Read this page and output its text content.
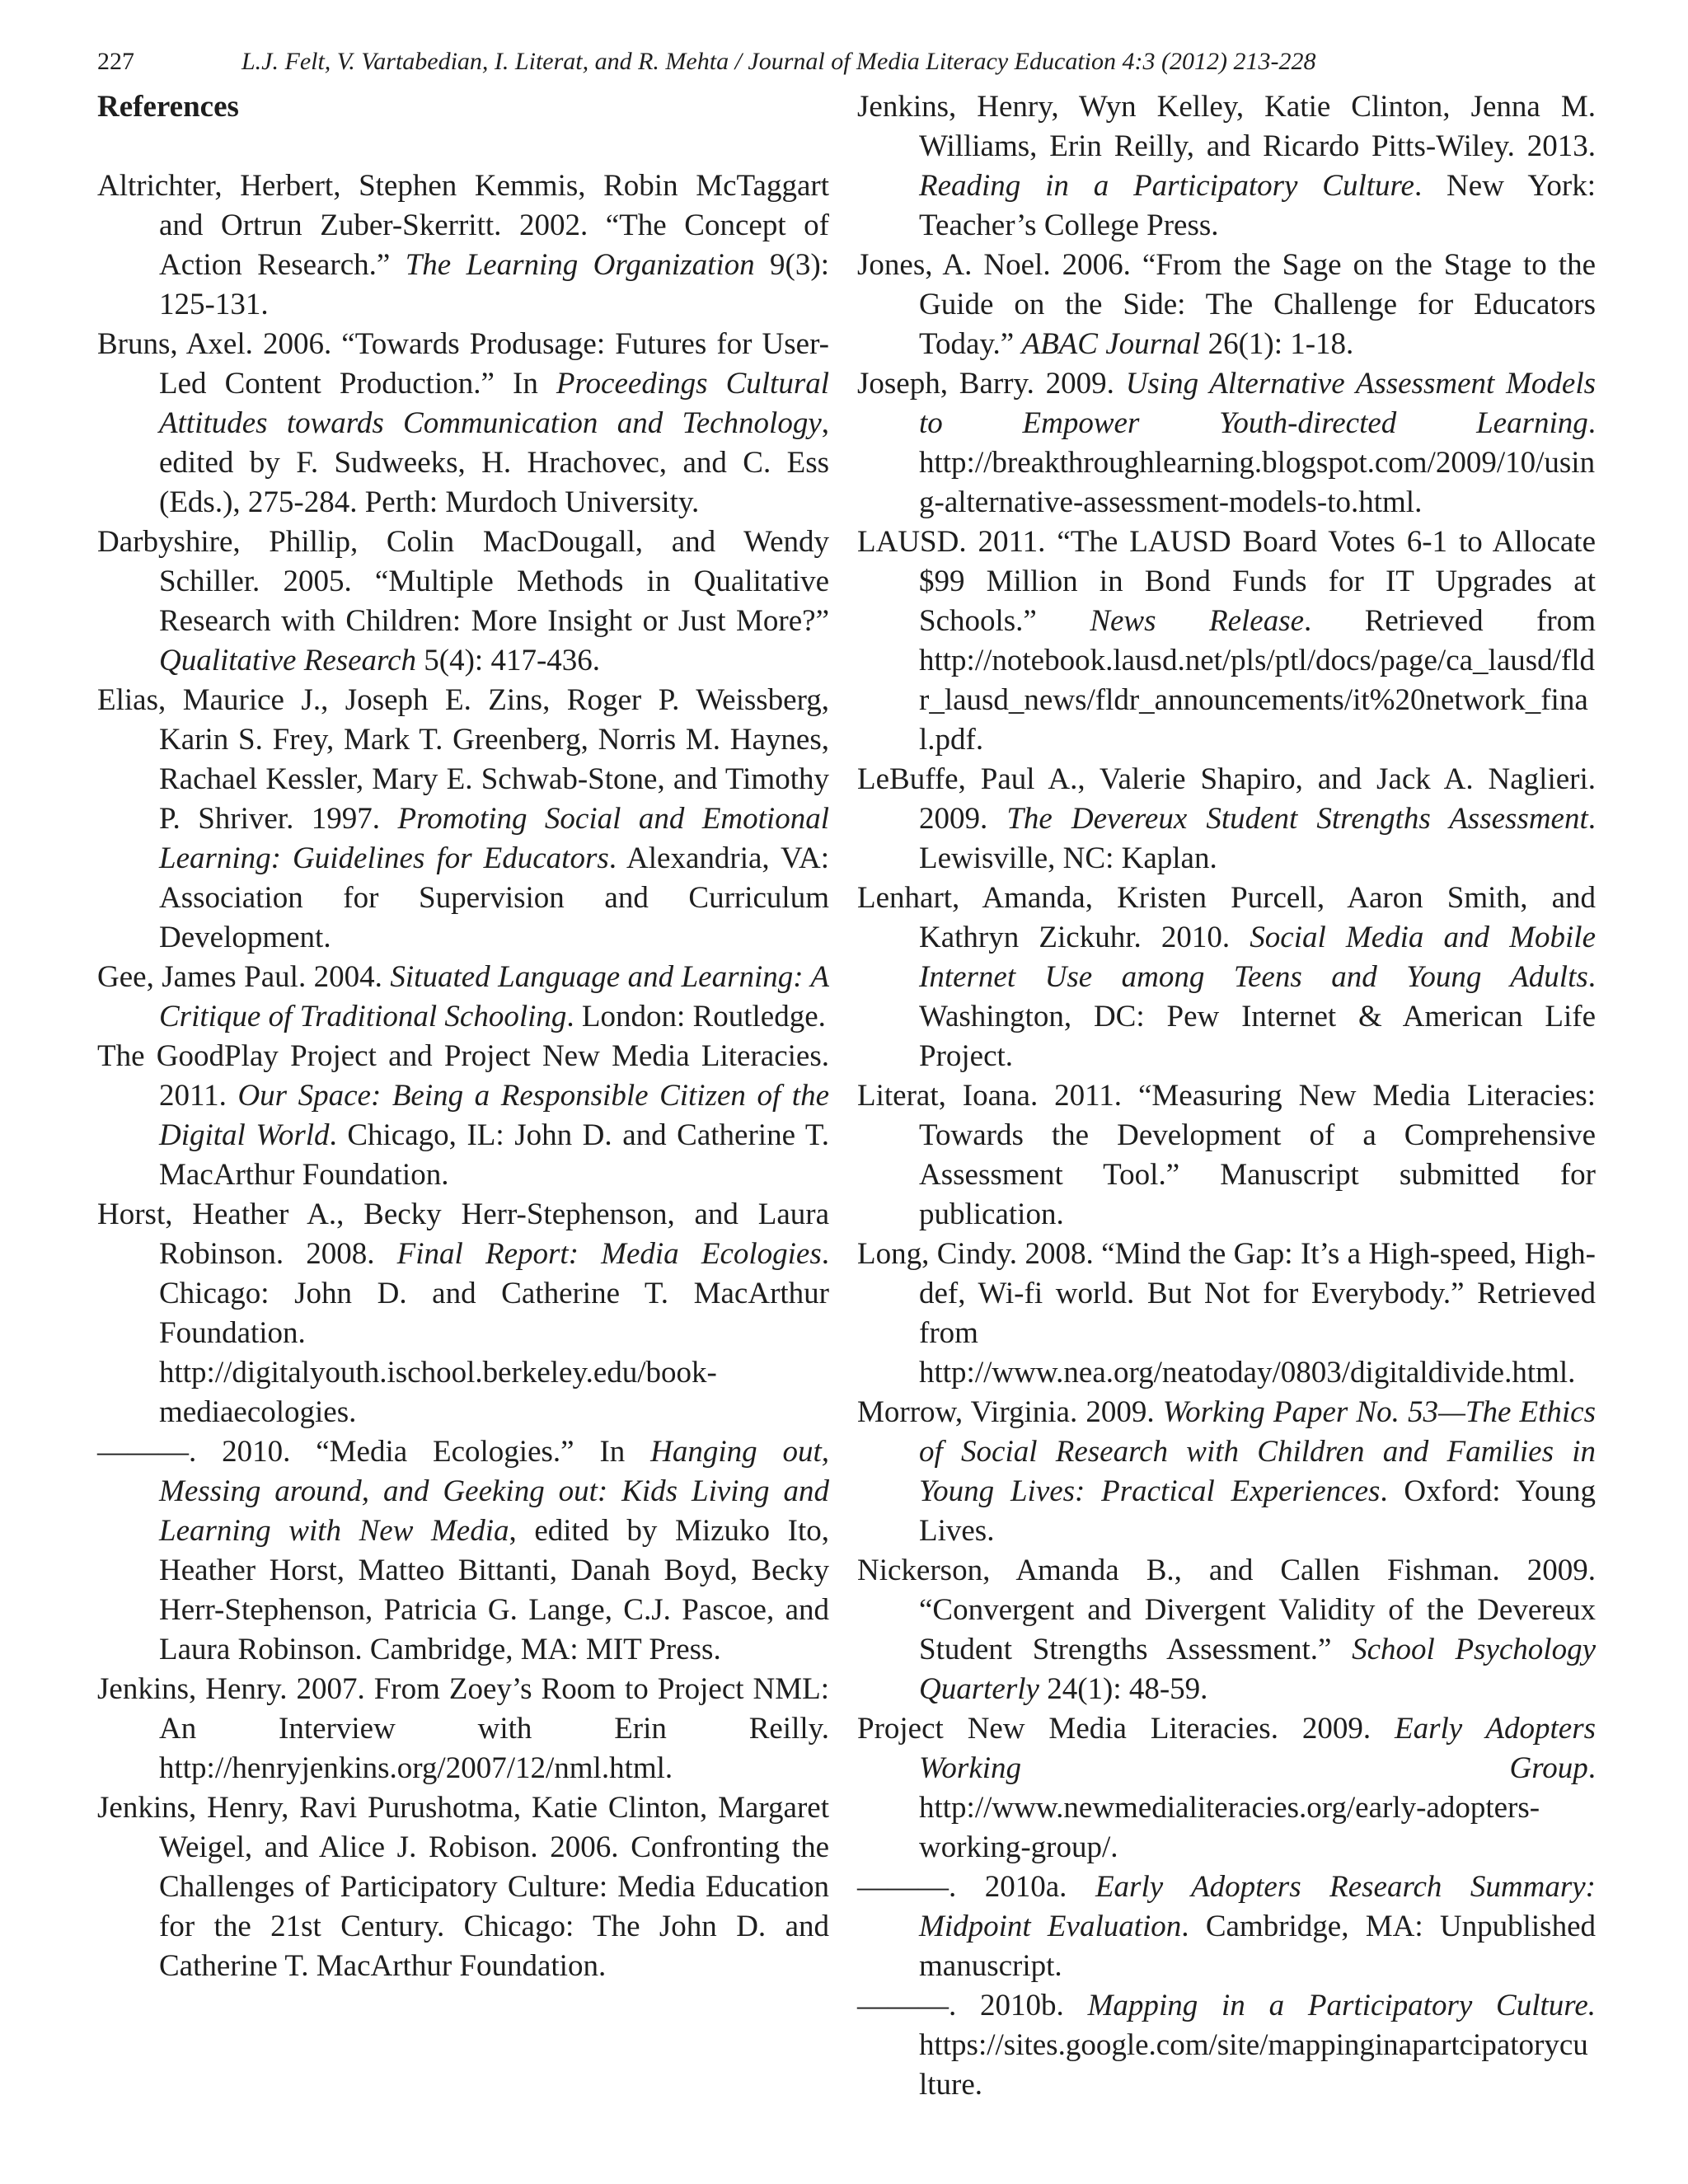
227	L.J. Felt, V. Vartabedian, I. Literat, and R. Mehta / Journal of Media Literacy Education 4:3 (2012) 213-228
References

Altrichter, Herbert, Stephen Kemmis, Robin McTaggart and Ortrun Zuber-Skerritt. 2002. “The Concept of Action Research.” The Learning Organization 9(3): 125-131.

Bruns, Axel. 2006. “Towards Produsage: Futures for User-Led Content Production.” In Proceedings Cultural Attitudes towards Communication and Technology, edited by F. Sudweeks, H. Hrachovec, and C. Ess (Eds.), 275-284. Perth: Murdoch University.

Darbyshire, Phillip, Colin MacDougall, and Wendy Schiller. 2005. “Multiple Methods in Qualitative Research with Children: More Insight or Just More?” Qualitative Research 5(4): 417-436.

Elias, Maurice J., Joseph E. Zins, Roger P. Weissberg, Karin S. Frey, Mark T. Greenberg, Norris M. Haynes, Rachael Kessler, Mary E. Schwab-Stone, and Timothy P. Shriver. 1997. Promoting Social and Emotional Learning: Guidelines for Educators. Alexandria, VA: Association for Supervision and Curriculum Development.

Gee, James Paul. 2004. Situated Language and Learning: A Critique of Traditional Schooling. London: Routledge.

The GoodPlay Project and Project New Media Literacies. 2011. Our Space: Being a Responsible Citizen of the Digital World. Chicago, IL: John D. and Catherine T. MacArthur Foundation.

Horst, Heather A., Becky Herr-Stephenson, and Laura Robinson. 2008. Final Report: Media Ecologies. Chicago: John D. and Catherine T. MacArthur Foundation. http://digitalyouth.ischool.berkeley.edu/book-mediaecologies.

———. 2010. “Media Ecologies.” In Hanging out, Messing around, and Geeking out: Kids Living and Learning with New Media, edited by Mizuko Ito, Heather Horst, Matteo Bittanti, Danah Boyd, Becky Herr-Stephenson, Patricia G. Lange, C.J. Pascoe, and Laura Robinson. Cambridge, MA: MIT Press.

Jenkins, Henry. 2007. From Zoey’s Room to Project NML: An Interview with Erin Reilly. http://henryjenkins.org/2007/12/nml.html.

Jenkins, Henry, Ravi Purushotma, Katie Clinton, Margaret Weigel, and Alice J. Robison. 2006. Confronting the Challenges of Participatory Culture: Media Education for the 21st Century. Chicago: The John D. and Catherine T. MacArthur Foundation.

Jenkins, Henry, Wyn Kelley, Katie Clinton, Jenna M. Williams, Erin Reilly, and Ricardo Pitts-Wiley. 2013. Reading in a Participatory Culture. New York: Teacher’s College Press.

Jones, A. Noel. 2006. “From the Sage on the Stage to the Guide on the Side: The Challenge for Educators Today.” ABAC Journal 26(1): 1-18.

Joseph, Barry. 2009. Using Alternative Assessment Models to Empower Youth-directed Learning. http://breakthroughlearning.blogspot.com/2009/10/using-alternative-assessment-models-to.html.

LAUSD. 2011. “The LAUSD Board Votes 6-1 to Allocate $99 Million in Bond Funds for IT Upgrades at Schools.” News Release. Retrieved from http://notebook.lausd.net/pls/ptl/docs/page/ca_lausd/fldr_lausd_news/fldr_announcements/it%20network_final.pdf.

LeBuffe, Paul A., Valerie Shapiro, and Jack A. Naglieri. 2009. The Devereux Student Strengths Assessment. Lewisville, NC: Kaplan.

Lenhart, Amanda, Kristen Purcell, Aaron Smith, and Kathryn Zickuhr. 2010. Social Media and Mobile Internet Use among Teens and Young Adults. Washington, DC: Pew Internet & American Life Project.

Literat, Ioana. 2011. “Measuring New Media Literacies: Towards the Development of a Comprehensive Assessment Tool.” Manuscript submitted for publication.

Long, Cindy. 2008. “Mind the Gap: It’s a High-speed, High-def, Wi-fi world. But Not for Everybody.” Retrieved from http://www.nea.org/neatoday/0803/digitaldivide.html.

Morrow, Virginia. 2009. Working Paper No. 53—The Ethics of Social Research with Children and Families in Young Lives: Practical Experiences. Oxford: Young Lives.

Nickerson, Amanda B., and Callen Fishman. 2009. “Convergent and Divergent Validity of the Devereux Student Strengths Assessment.” School Psychology Quarterly 24(1): 48-59.

Project New Media Literacies. 2009. Early Adopters Working Group. http://www.newmedialiteracies.org/early-adopters-working-group/.

———. 2010a. Early Adopters Research Summary: Midpoint Evaluation. Cambridge, MA: Unpublished manuscript.

———. 2010b. Mapping in a Participatory Culture. https://sites.google.com/site/mappinginapartcipatoryculture.
